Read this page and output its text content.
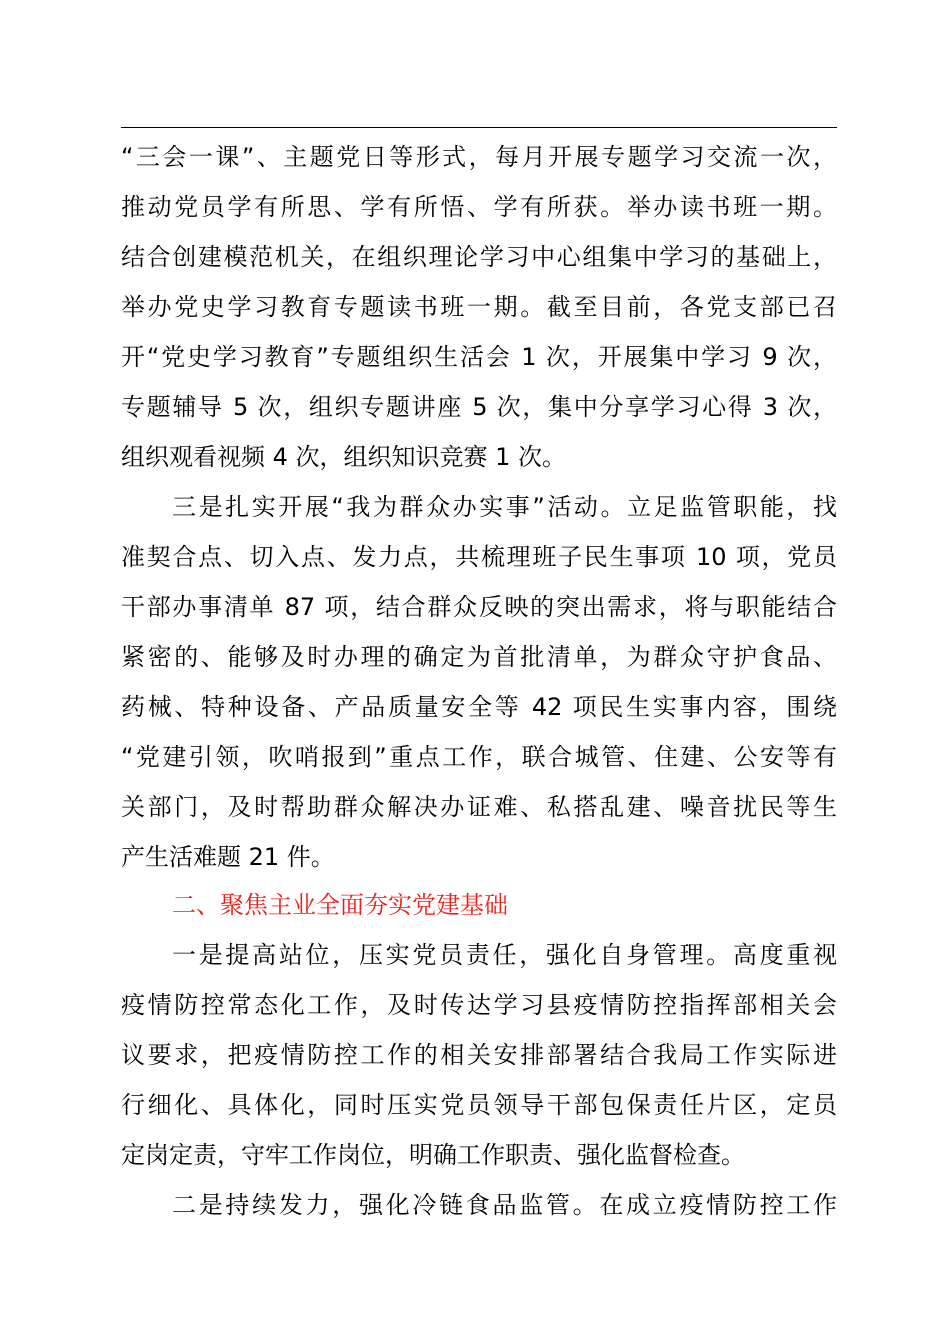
“三会一课”、主题党日等形式，每月开展专题学习交流一次，
推动党员学有所思、学有所悟、学有所获。举办读书班一期。
结合创建模范机关，在组织理论学习中心组集中学习的基础上，
举办党史学习教育专题读书班一期。截至目前，各党支部已召
开“党史学习教育”专题组织生活会 1 次，开展集中学习 9 次，
专题辅导 5 次，组织专题讲座 5 次，集中分享学习心得 3 次，
组织观看视频 4 次，组织知识竞赛 1 次。
三是扎实开展“我为群众办实事”活动。立足监管职能，找
准契合点、切入点、发力点，共梳理班子民生事项 10 项，党员
干部办事清单 87 项，结合群众反映的突出需求，将与职能结合
紧密的、能够及时办理的确定为首批清单，为群众守护食品、
药械、特种设备、产品质量安全等 42 项民生实事内容，围绕
“党建引领，吹哨报到”重点工作，联合城管、住建、公安等有
关部门，及时帮助群众解决办证难、私搭乱建、噪音扰民等生
产生活难题 21 件。
二、聚焦主业全面夯实党建基础
一是提高站位，压实党员责任，强化自身管理。高度重视
疫情防控常态化工作，及时传达学习县疫情防控指挥部相关会
议要求，把疫情防控工作的相关安排部署结合我局工作实际进
行细化、具体化，同时压实党员领导干部包保责任片区，定员
定岗定责，守牢工作岗位，明确工作职责、强化监督检查。
二是持续发力，强化冷链食品监管。在成立疫情防控工作
